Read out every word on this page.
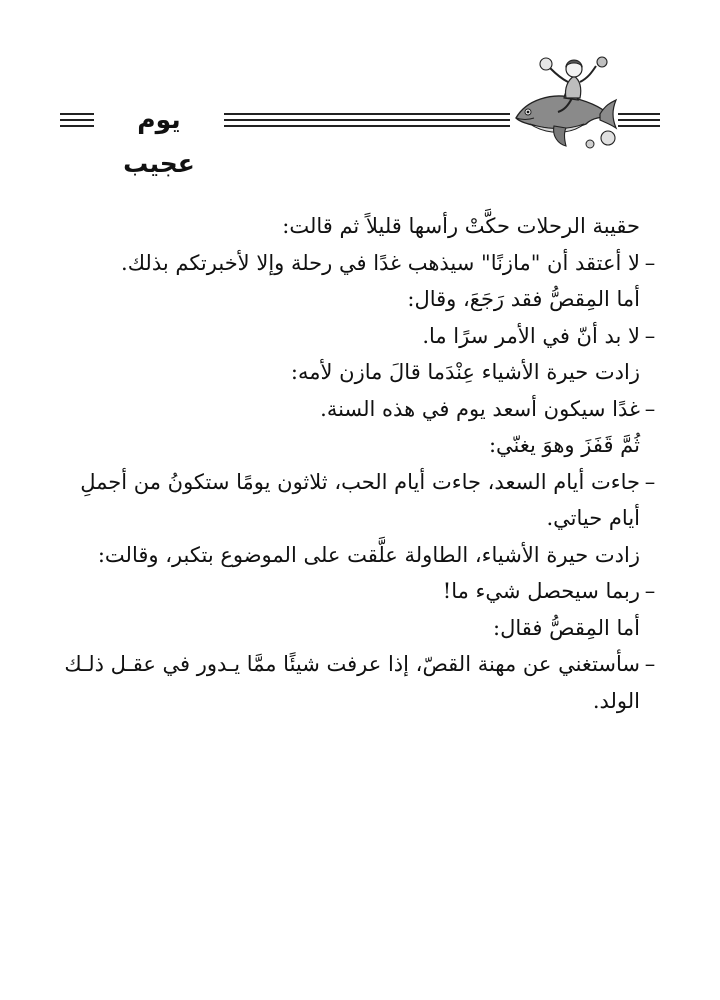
يوم عجيب

حقيبة الرحلات حكَّتْ رأسها قليلاً ثم قالت:

–لا أعتقد أن "مازنًا" سيذهب غدًا في رحلة وإلا لأخبرتكم بذلك.

أما المِقصُّ فقد رَجَعَ، وقال:

–لا بد أنّ في الأمر سرًا ما.

زادت حيرة الأشياء عِنْدَما قالَ مازن لأمه:

–غدًا سيكون أسعد يوم في هذه السنة.

ثُمَّ قَفَزَ وهوَ يغنّي:

–جاءت أيام السعد، جاءت أيام الحب، ثلاثون يومًا ستكونُ من أجملِ

أيام حياتي.

زادت حيرة الأشياء، الطاولة علَّقت على الموضوع بتكبر، وقالت:

–ربما سيحصل شيء ما!

أما المِقصُّ فقال:

–سأستغني عن مهنة القصّ، إذا عرفت شيئًا ممَّا يـدور في عقـل ذلـك

الولد.
